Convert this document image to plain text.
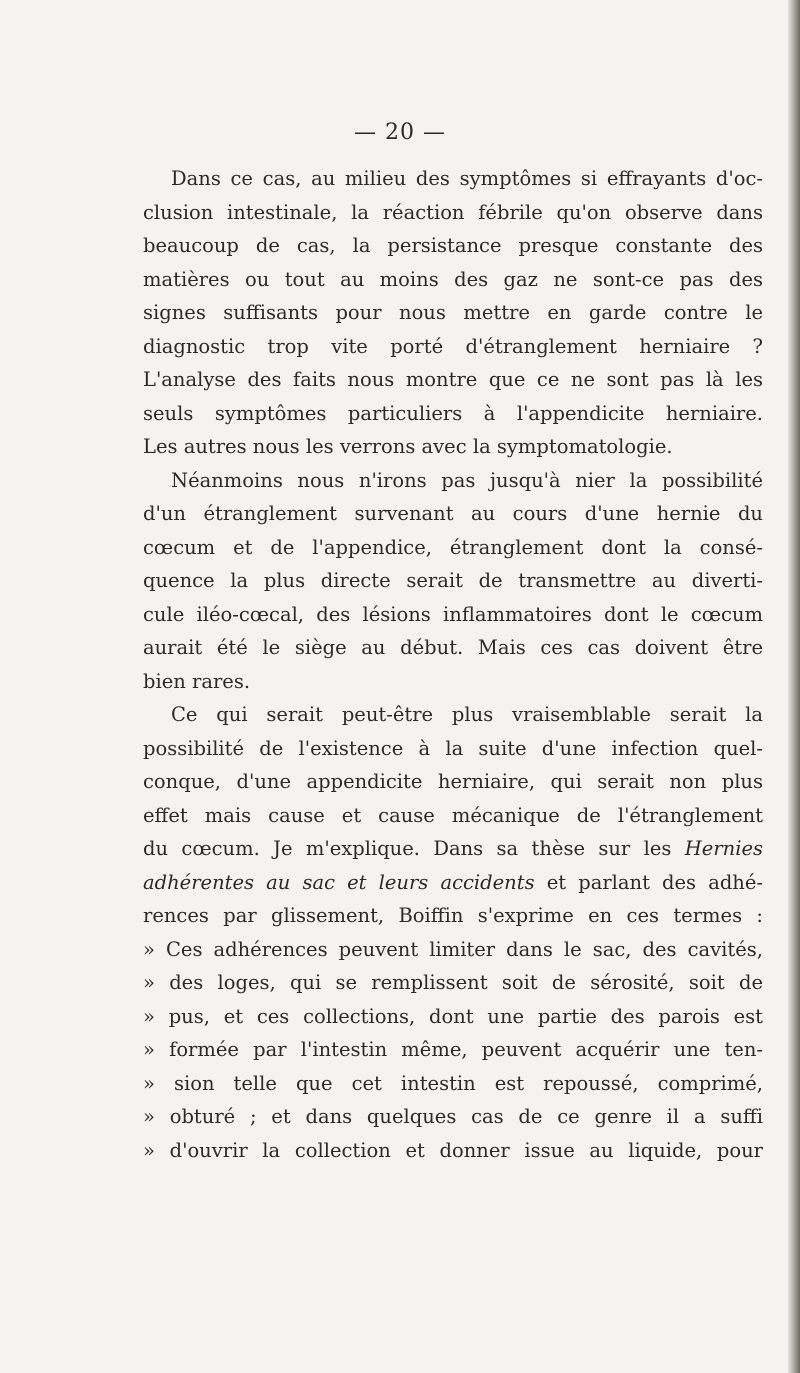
— 20 —
Dans ce cas, au milieu des symptômes si effrayants d'oc-
clusion intestinale, la réaction fébrile qu'on observe dans
beaucoup de cas, la persistance presque constante des
matières ou tout au moins des gaz ne sont-ce pas des
signes suffisants pour nous mettre en garde contre le
diagnostic trop vite porté d'étranglement herniaire ?
L'analyse des faits nous montre que ce ne sont pas là les
seuls symptômes particuliers à l'appendicite herniaire.
Les autres nous les verrons avec la symptomatologie.
Néanmoins nous n'irons pas jusqu'à nier la possibilité
d'un étranglement survenant au cours d'une hernie du
cœcum et de l'appendice, étranglement dont la consé-
quence la plus directe serait de transmettre au diverti-
cule iléo-cœcal, des lésions inflammatoires dont le cœcum
aurait été le siège au début. Mais ces cas doivent être
bien rares.
Ce qui serait peut-être plus vraisemblable serait la
possibilité de l'existence à la suite d'une infection quel-
conque, d'une appendicite herniaire, qui serait non plus
effet mais cause et cause mécanique de l'étranglement
du cœcum. Je m'explique. Dans sa thèse sur les Hernies
adhérentes au sac et leurs accidents et parlant des adhé-
rences par glissement, Boiffin s'exprime en ces termes :
» Ces adhérences peuvent limiter dans le sac, des cavités,
» des loges, qui se remplissent soit de sérosité, soit de
» pus, et ces collections, dont une partie des parois est
» formée par l'intestin même, peuvent acquérir une ten-
» sion telle que cet intestin est repoussé, comprimé,
» obturé ; et dans quelques cas de ce genre il a suffi
» d'ouvrir la collection et donner issue au liquide, pour
